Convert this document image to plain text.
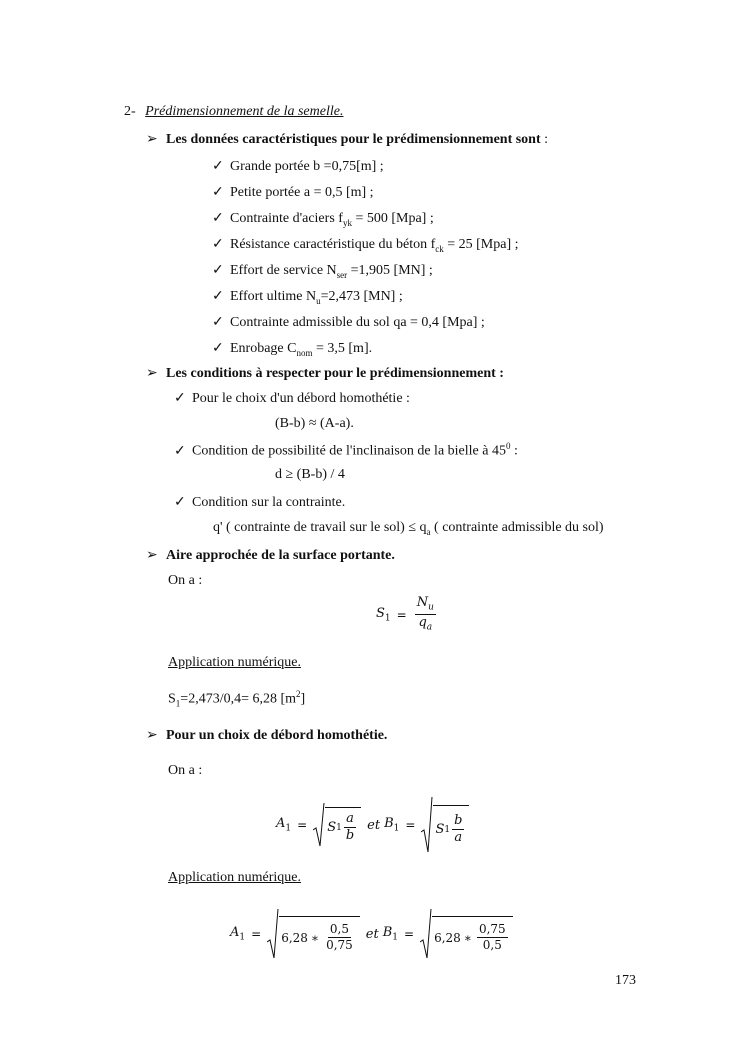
2- Prédimensionnement de la semelle.
➢ Les données caractéristiques pour le prédimensionnement sont :
✓ Grande portée b =0,75[m] ;
✓ Petite portée a = 0,5 [m] ;
✓ Contrainte d'aciers $f_{yk} = 500$ [Mpa] ;
✓ Résistance caractéristique du béton $f_{ck} = 25$ [Mpa] ;
✓ Effort de service $N_{ser} =1,905$ [MN] ;
✓ Effort ultime $N_u=2,473$ [MN] ;
✓ Contrainte admissible du sol qa = 0,4 [Mpa] ;
✓ Enrobage $C_{nom} = 3,5$ [m].
➢ Les conditions à respecter pour le prédimensionnement :
✓ Pour le choix d'un débord homothétie :
(B-b) ≈ (A-a).
✓ Condition de possibilité de l'inclinaison de la bielle à $45^0$ :
d ≥ (B-b) / 4
✓ Condition sur la contrainte.
q' ( contrainte de travail sur le $sol) \le q_a$ ( contrainte admissible du sol)
➢ Aire approchée de la surface portante.
On a :
$S_1 = \frac{N_u}{q_a}$
Application numérique.
$S_1=2,473/0,4= 6,28$ $[m^2]$
➢ Pour un choix de débord homothétie.
On a :
$A_1 = S$ $1 \frac{a}{b}$ et $B_1 = S$ $1 \frac{b}{a}$
Application numérique.
$A_1 = 6,28$ ∗ $\frac{0,5}{0,75}$ et $B_1 = 6,28$ ∗ $\frac{0,75}{0,5}$
173
